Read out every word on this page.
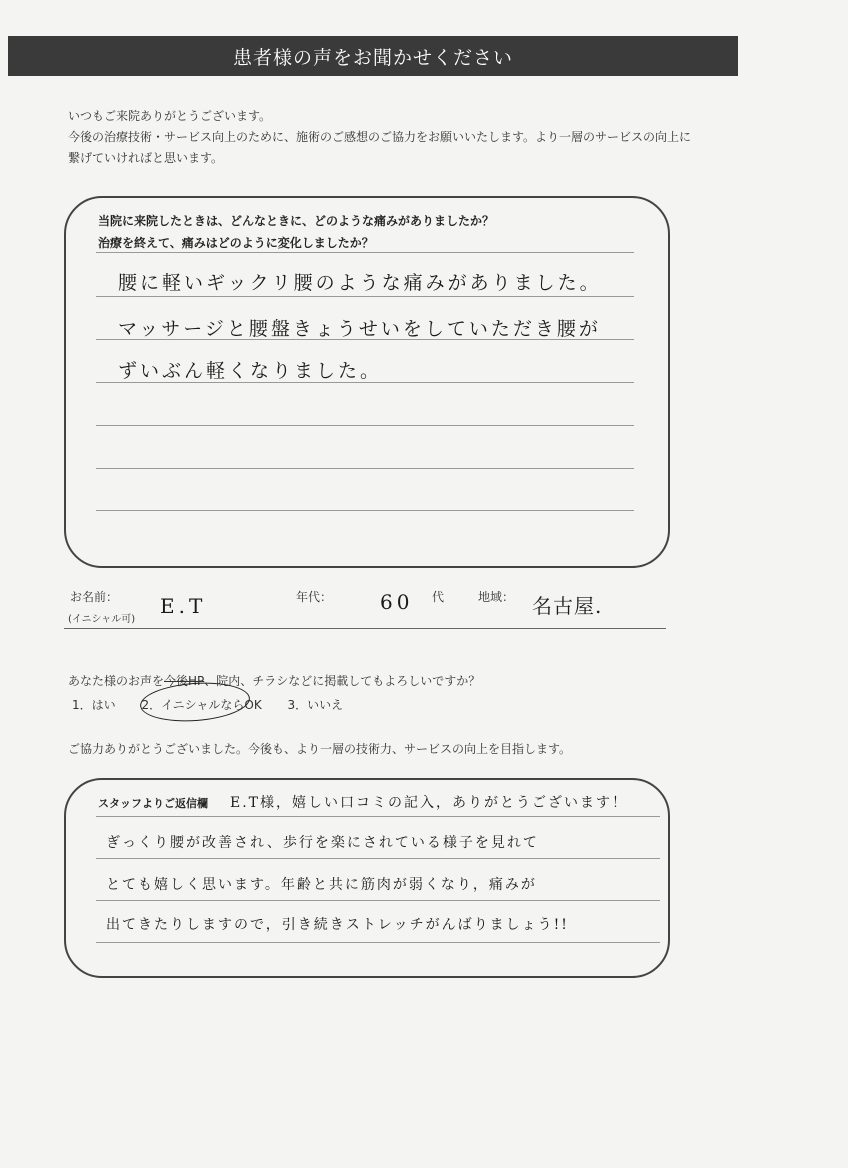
患者様の声をお聞かせください
いつもご来院ありがとうございます。
今後の治療技術・サービス向上のために、施術のご感想のご協力をお願いいたします。より一層のサービスの向上に
繋げていければと思います。
当院に来院したときは、どんなときに、どのような痛みがありましたか？
治療を終えて、痛みはどのように変化しましたか？
腰に軽いギックリ腰のような痛みがありました。
マッサージと腰盤きょうせいをしていただき腰が
ずいぶん軽くなりました。
お名前：
(イニシャル可)
E.T	年代： 60 代	地域： 名古屋.
あなた様のお声を今後HP、院内、チラシなどに掲載してもよろしいですか？
1．はい 2．イニシャルならOK 3．いいえ
ご協力ありがとうございました。今後も、より一層の技術力、サービスの向上を目指します。
スタッフよりご返信欄 E.T様，嬉しい口コミの記入，ありがとうございます！
ぎっくり腰が改善され、歩行を楽にされている様子を見れて
とても嬉しく思います。年齢と共に筋肉が弱くなり，痛みが
出てきたりしますので，引き続きストレッチがんばりましょう!!
